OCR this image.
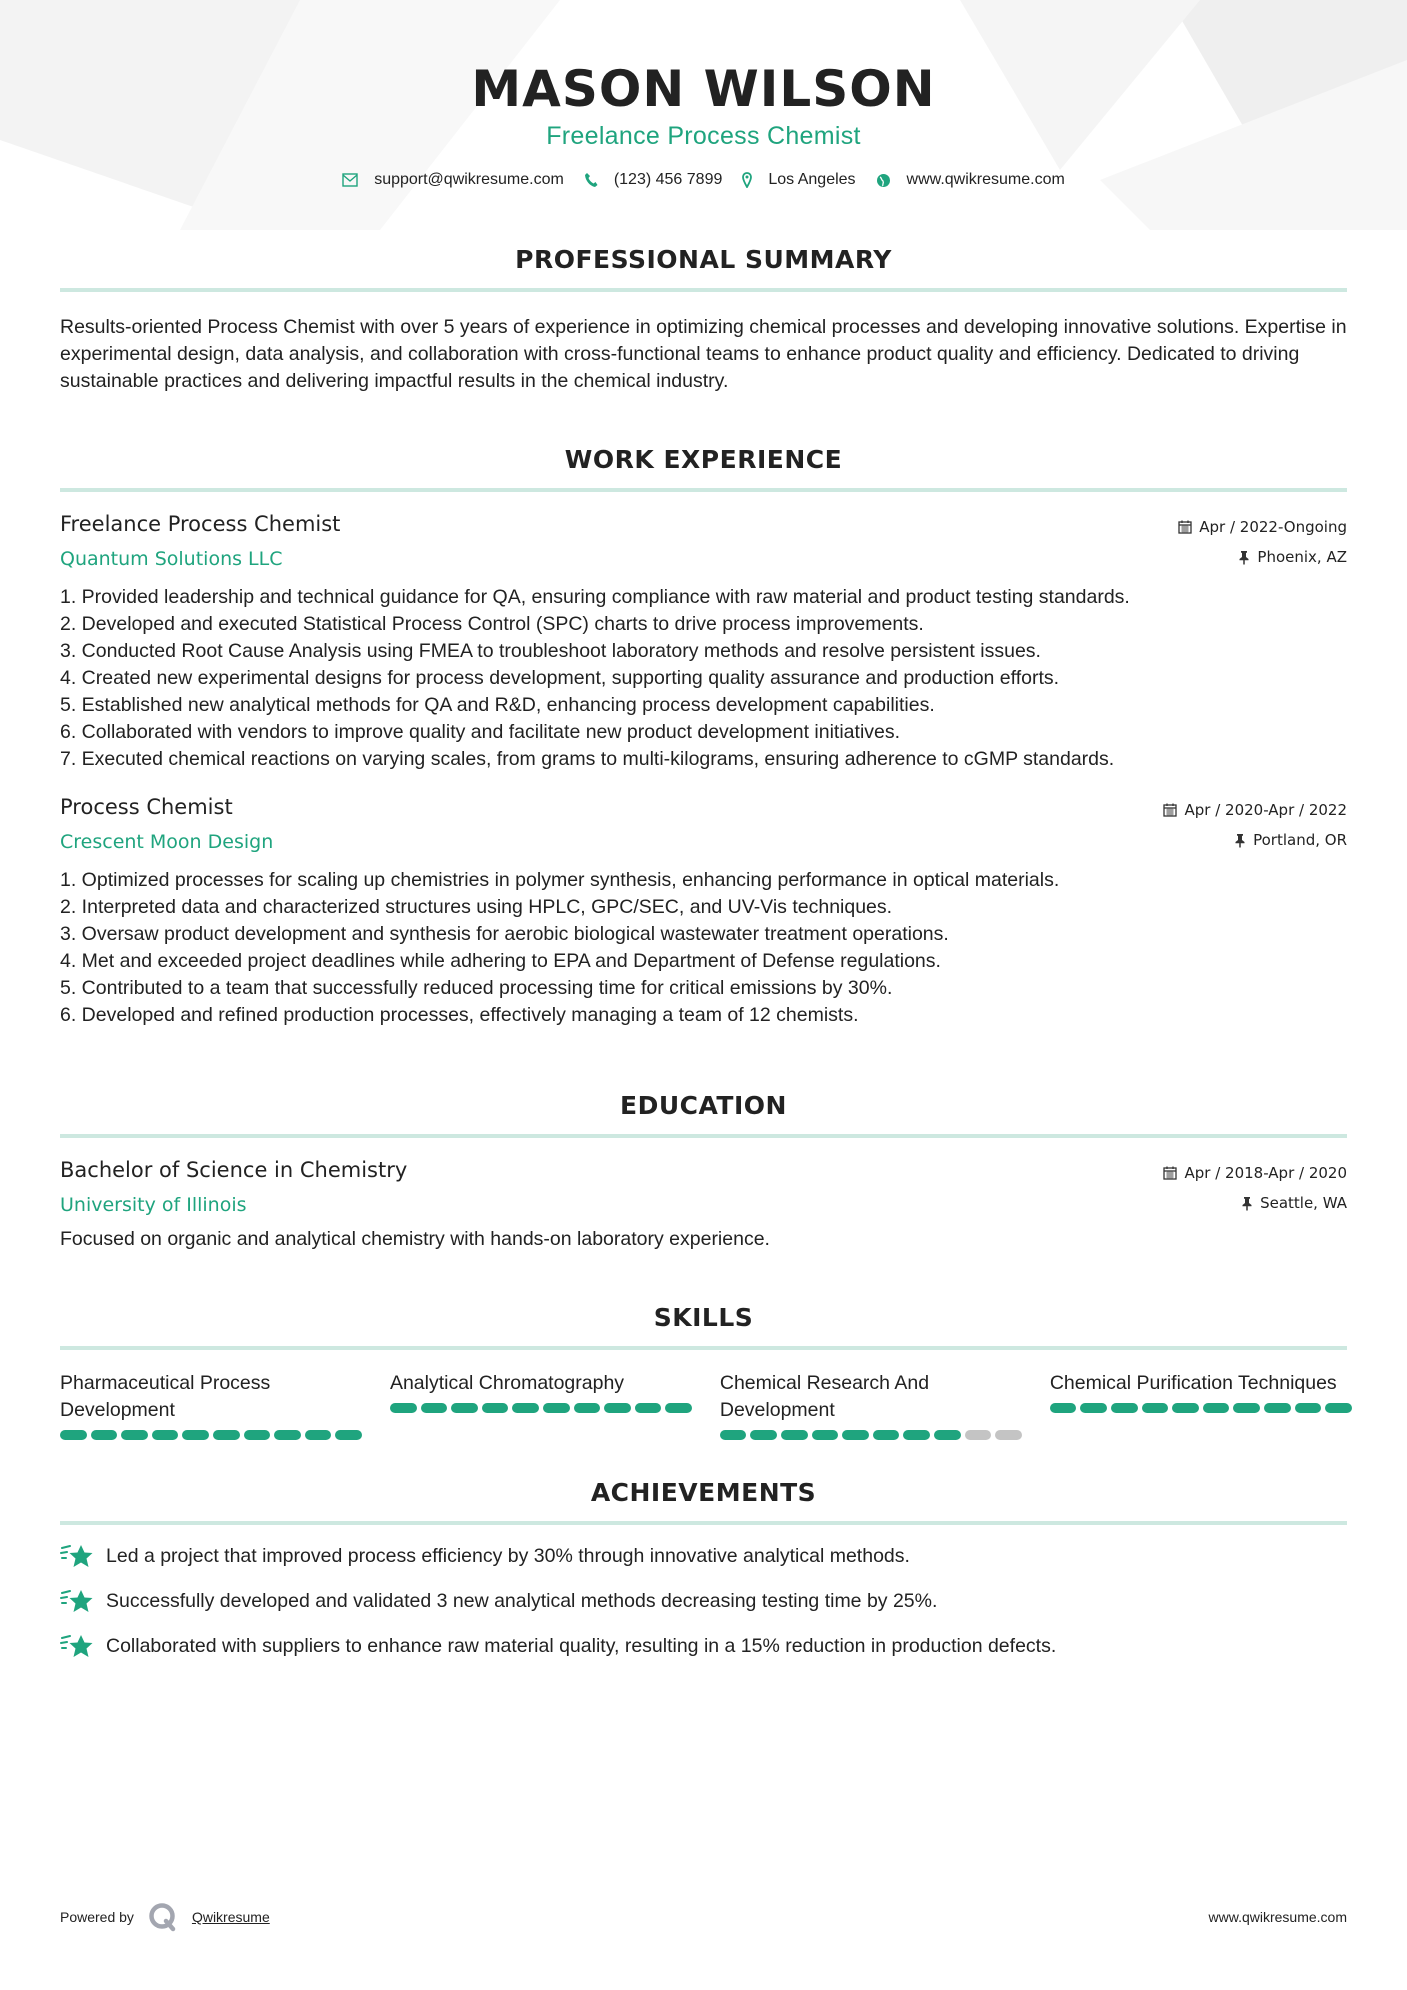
MASON WILSON
Freelance Process Chemist
support@qwikresume.com	(123) 456 7899	Los Angeles	www.qwikresume.com
PROFESSIONAL SUMMARY
Results-oriented Process Chemist with over 5 years of experience in optimizing chemical processes and developing innovative solutions. Expertise in experimental design, data analysis, and collaboration with cross-functional teams to enhance product quality and efficiency. Dedicated to driving sustainable practices and delivering impactful results in the chemical industry.
WORK EXPERIENCE
Freelance Process Chemist
Quantum Solutions LLC
Apr / 2022-Ongoing
Phoenix, AZ
1. Provided leadership and technical guidance for QA, ensuring compliance with raw material and product testing standards.
2. Developed and executed Statistical Process Control (SPC) charts to drive process improvements.
3. Conducted Root Cause Analysis using FMEA to troubleshoot laboratory methods and resolve persistent issues.
4. Created new experimental designs for process development, supporting quality assurance and production efforts.
5. Established new analytical methods for QA and R&D, enhancing process development capabilities.
6. Collaborated with vendors to improve quality and facilitate new product development initiatives.
7. Executed chemical reactions on varying scales, from grams to multi-kilograms, ensuring adherence to cGMP standards.
Process Chemist
Crescent Moon Design
Apr / 2020-Apr / 2022
Portland, OR
1. Optimized processes for scaling up chemistries in polymer synthesis, enhancing performance in optical materials.
2. Interpreted data and characterized structures using HPLC, GPC/SEC, and UV-Vis techniques.
3. Oversaw product development and synthesis for aerobic biological wastewater treatment operations.
4. Met and exceeded project deadlines while adhering to EPA and Department of Defense regulations.
5. Contributed to a team that successfully reduced processing time for critical emissions by 30%.
6. Developed and refined production processes, effectively managing a team of 12 chemists.
EDUCATION
Bachelor of Science in Chemistry
University of Illinois
Apr / 2018-Apr / 2020
Seattle, WA
Focused on organic and analytical chemistry with hands-on laboratory experience.
SKILLS
Pharmaceutical Process Development
Analytical Chromatography	Chemical Research And Development
Chemical Purification Techniques
ACHIEVEMENTS
Led a project that improved process efficiency by 30% through innovative analytical methods.
Successfully developed and validated 3 new analytical methods decreasing testing time by 25%.
Collaborated with suppliers to enhance raw material quality, resulting in a 15% reduction in production defects.
Powered by	Qwikresume	www.qwikresume.com
